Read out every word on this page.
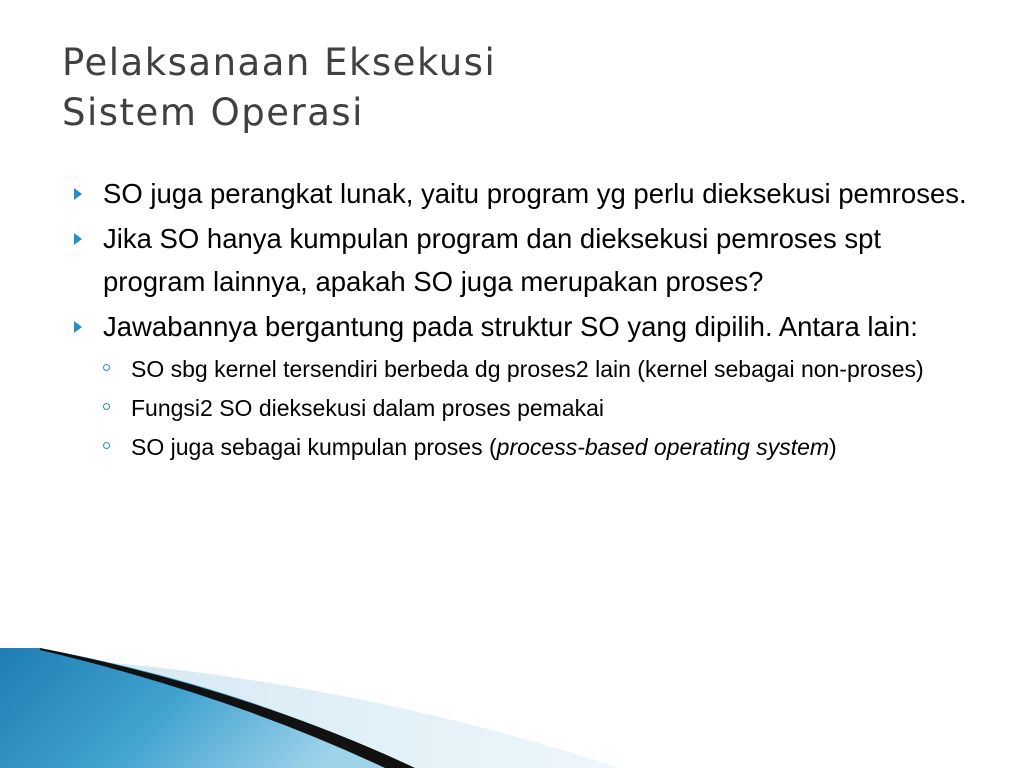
Pelaksanaan Eksekusi
Sistem Operasi
SO juga perangkat lunak, yaitu program yg perlu dieksekusi pemroses.
Jika SO hanya kumpulan program dan dieksekusi pemroses spt program lainnya, apakah SO juga merupakan proses?
Jawabannya bergantung pada struktur SO yang dipilih. Antara lain:
SO sbg kernel tersendiri berbeda dg proses2 lain (kernel sebagai non-proses)
Fungsi2 SO dieksekusi dalam proses pemakai
SO juga sebagai kumpulan proses (process-based operating system)
